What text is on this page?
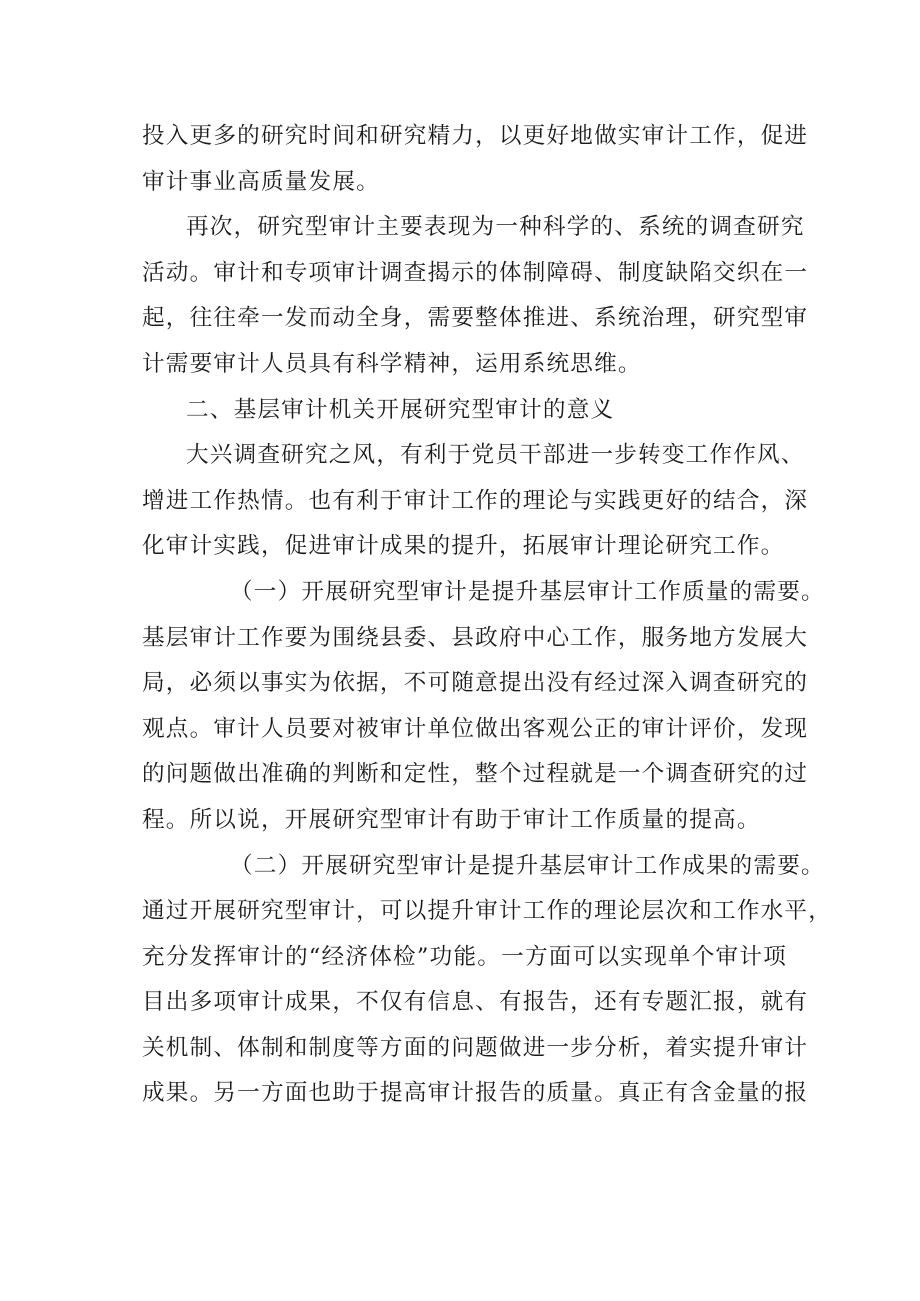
投入更多的研究时间和研究精力，以更好地做实审计工作，促进
审计事业高质量发展。
再次，研究型审计主要表现为一种科学的、系统的调查研究
活动。审计和专项审计调查揭示的体制障碍、制度缺陷交织在一
起，往往牵一发而动全身，需要整体推进、系统治理，研究型审
计需要审计人员具有科学精神，运用系统思维。
二、基层审计机关开展研究型审计的意义
大兴调查研究之风，有利于党员干部进一步转变工作作风、
增进工作热情。也有利于审计工作的理论与实践更好的结合，深
化审计实践，促进审计成果的提升，拓展审计理论研究工作。
（一）开展研究型审计是提升基层审计工作质量的需要。
基层审计工作要为围绕县委、县政府中心工作，服务地方发展大
局，必须以事实为依据，不可随意提出没有经过深入调查研究的
观点。审计人员要对被审计单位做出客观公正的审计评价，发现
的问题做出准确的判断和定性，整个过程就是一个调查研究的过
程。所以说，开展研究型审计有助于审计工作质量的提高。
（二）开展研究型审计是提升基层审计工作成果的需要。
通过开展研究型审计，可以提升审计工作的理论层次和工作水平，
充分发挥审计的“经济体检”功能。一方面可以实现单个审计项
目出多项审计成果，不仅有信息、有报告，还有专题汇报，就有
关机制、体制和制度等方面的问题做进一步分析，着实提升审计
成果。另一方面也助于提高审计报告的质量。真正有含金量的报
